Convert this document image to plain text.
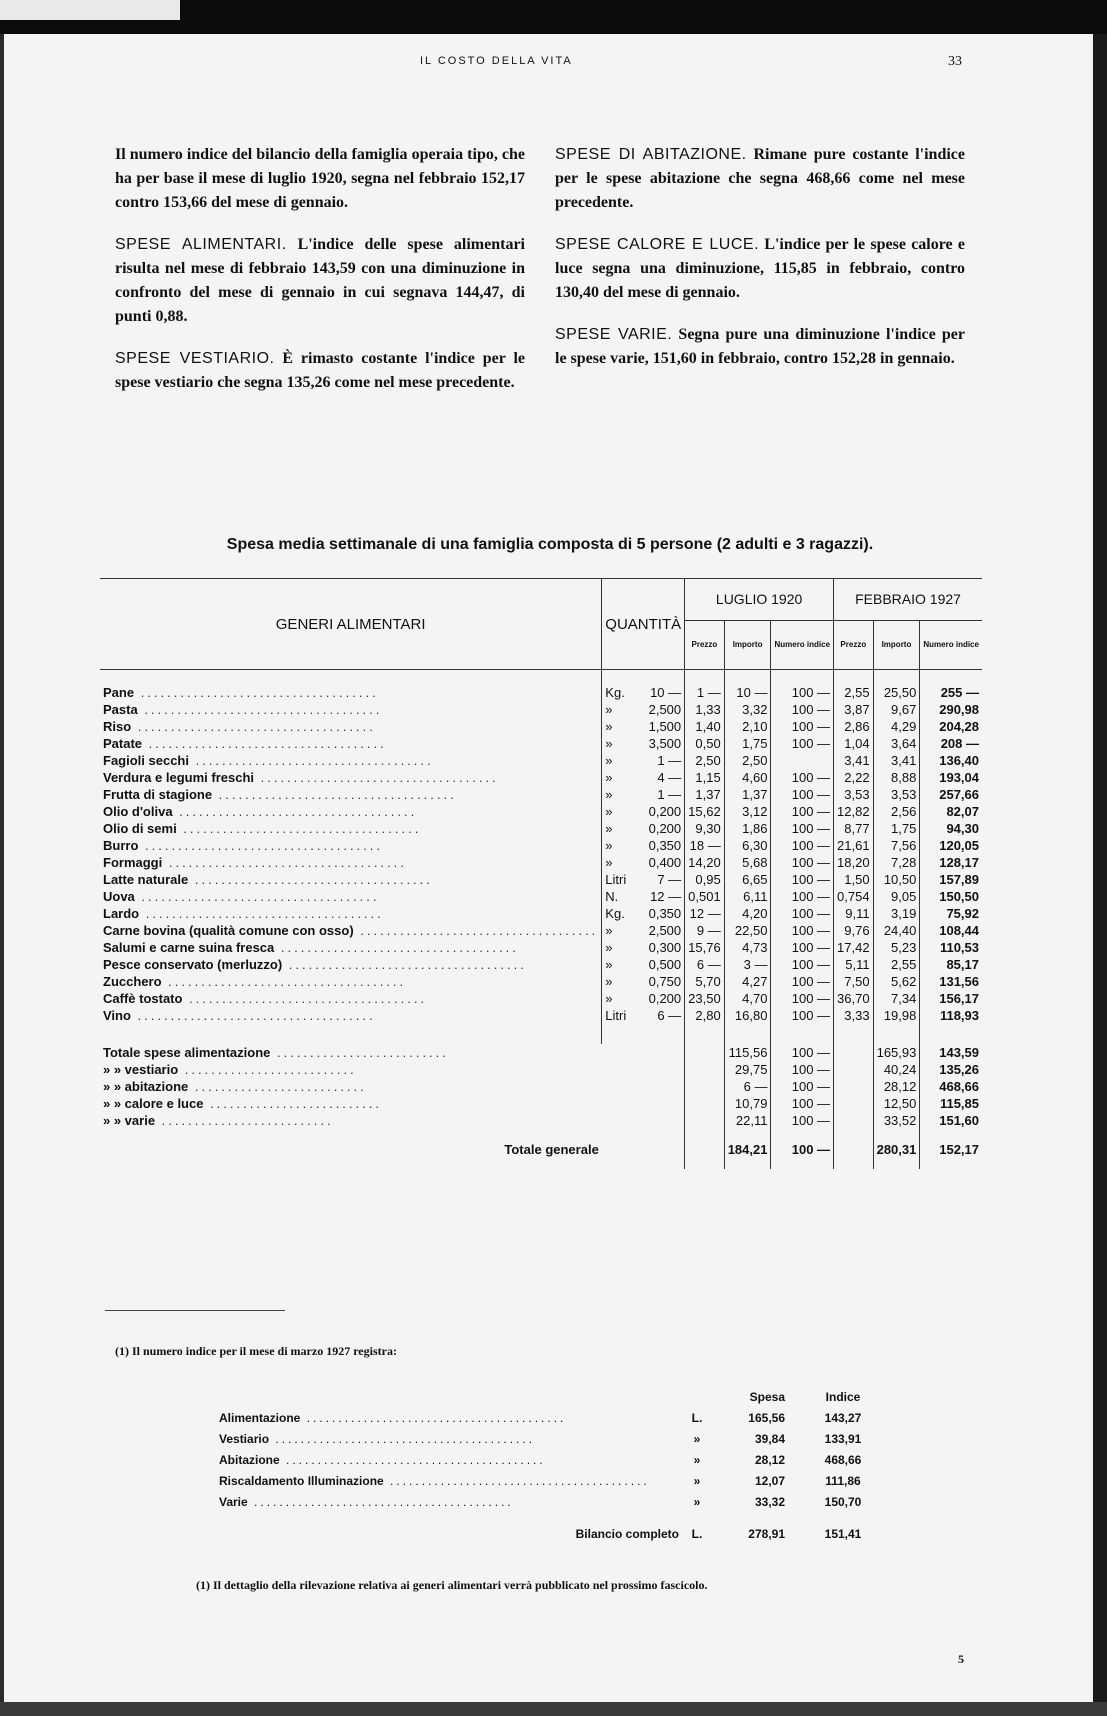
IL COSTO DELLA VITA	33

Il numero indice del bilancio della famiglia operaia tipo, che ha per base il mese di luglio 1920, segna nel febbraio 152,17 contro 153,66 del mese di gennaio.

SPESE ALIMENTARI. L'indice delle spese alimentari risulta nel mese di febbraio 143,59 con una diminuzione in confronto del mese di gennaio in cui segnava 144,47, di punti 0,88.

SPESE VESTIARIO. È rimasto costante l'indice per le spese vestiario che segna 135,26 come nel mese precedente.

SPESE DI ABITAZIONE. Rimane pure costante l'indice per le spese abitazione che segna 468,66 come nel mese precedente.

SPESE CALORE E LUCE. L'indice per le spese calore e luce segna una diminuzione, 115,85 in febbraio, contro 130,40 del mese di gennaio.

SPESE VARIE. Segna pure una diminuzione l'indice per le spese varie, 151,60 in febbraio, contro 152,28 in gennaio.

Spesa media settimanale di una famiglia composta di 5 persone (2 adulti e 3 ragazzi).
GENERI ALIMENTARI	QUANTITÀ		LUGLIO 1920			FEBBRAIO 1927		
			Prezzo	Importo	Numero indice	Prezzo	Importo	Numero indice
Pane ....................................	Kg.	10 —	1 —	10 —	100 —	2,55	25,50	255 —
Pasta ....................................	»	2,500	1,33	3,32	100 —	3,87	9,67	290,98
Riso ....................................	»	1,500	1,40	2,10	100 —	2,86	4,29	204,28
Patate ....................................	»	3,500	0,50	1,75	100 —	1,04	3,64	208 —
Fagioli secchi ....................................	»	1 —	2,50	2,50		3,41	3,41	136,40
Verdura e legumi freschi ....................................	»	4 —	1,15	4,60	100 —	2,22	8,88	193,04
Frutta di stagione ....................................	»	1 —	1,37	1,37	100 —	3,53	3,53	257,66
Olio d'oliva ....................................	»	0,200	15,62	3,12	100 —	12,82	2,56	82,07
Olio di semi ....................................	»	0,200	9,30	1,86	100 —	8,77	1,75	94,30
Burro ....................................	»	0,350	18 —	6,30	100 —	21,61	7,56	120,05
Formaggi ....................................	»	0,400	14,20	5,68	100 —	18,20	7,28	128,17
Latte naturale ....................................	Litri	7 —	0,95	6,65	100 —	1,50	10,50	157,89
Uova ....................................	N.	12 —	0,501	6,11	100 —	0,754	9,05	150,50
Lardo ....................................	Kg.	0,350	12 —	4,20	100 —	9,11	3,19	75,92
Carne bovina (qualità comune con osso) ....................................	»	2,500	9 —	22,50	100 —	9,76	24,40	108,44
Salumi e carne suina fresca ....................................	»	0,300	15,76	4,73	100 —	17,42	5,23	110,53
Pesce conservato (merluzzo) ....................................	»	0,500	6 —	3 —	100 —	5,11	2,55	85,17
Zucchero ....................................	»	0,750	5,70	4,27	100 —	7,50	5,62	131,56
Caffè tostato ....................................	»	0,200	23,50	4,70	100 —	36,70	7,34	156,17
Vino ....................................	Litri	6 —	2,80	16,80	100 —	3,33	19,98	118,93

Totale spese alimentazione ..........................				115,56	100 —		165,93	143,59
» » vestiario ..........................				29,75	100 —		40,24	135,26
» » abitazione ..........................				6 —	100 —		28,12	468,66
» » calore e luce ..........................				10,79	100 —		12,50	115,85
» » varie ..........................				22,11	100 —		33,52	151,60
Totale generale				184,21	100 —		280,31	152,17
(1) Il numero indice per il mese di marzo 1927 registra:
		Spesa	Indice
Alimentazione .........................................	L.	165,56	143,27
Vestiario .........................................	»	39,84	133,91
Abitazione .........................................	»	28,12	468,66
Riscaldamento Illuminazione .........................................	»	12,07	111,86
Varie .........................................	»	33,32	150,70
Bilancio completo	L.	278,91	151,41
(1) Il dettaglio della rilevazione relativa ai generi alimentari verrà pubblicato nel prossimo fascicolo.
5
